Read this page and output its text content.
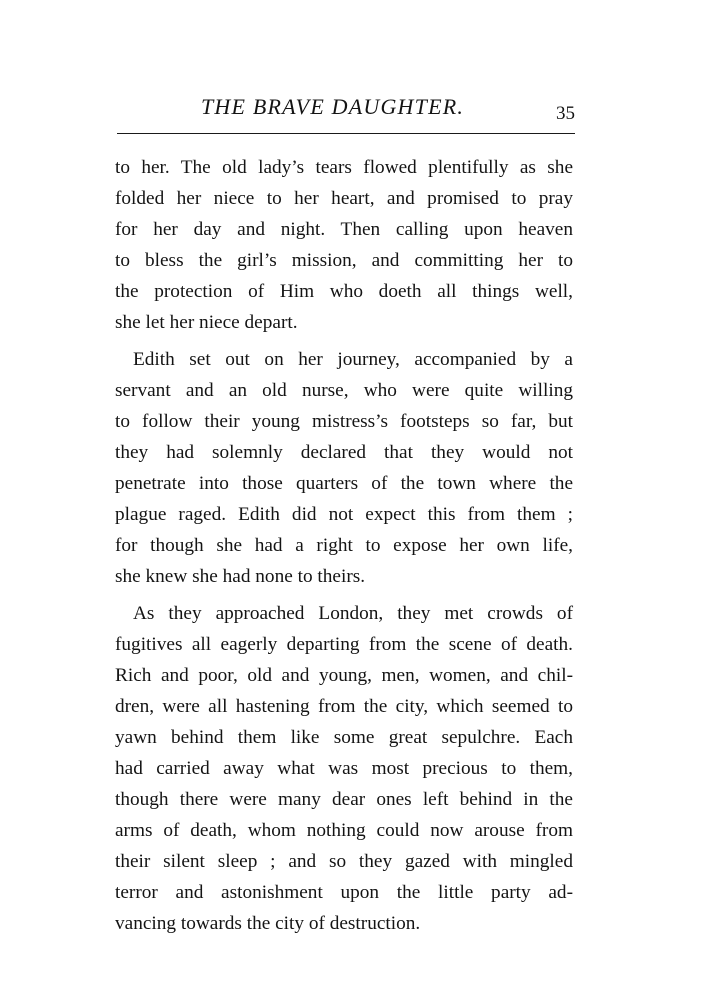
THE BRAVE DAUGHTER.	35
to her. The old lady’s tears flowed plentifully as she
folded her niece to her heart, and promised to pray
for her day and night. Then calling upon heaven
to bless the girl’s mission, and committing her to
the protection of Him who doeth all things well,
she let her niece depart.
Edith set out on her journey, accompanied by a
servant and an old nurse, who were quite willing
to follow their young mistress’s footsteps so far, but
they had solemnly declared that they would not
penetrate into those quarters of the town where the
plague raged. Edith did not expect this from them ;
for though she had a right to expose her own life,
she knew she had none to theirs.
As they approached London, they met crowds of
fugitives all eagerly departing from the scene of death.
Rich and poor, old and young, men, women, and chil-
dren, were all hastening from the city, which seemed to
yawn behind them like some great sepulchre. Each
had carried away what was most precious to them,
though there were many dear ones left behind in the
arms of death, whom nothing could now arouse from
their silent sleep ; and so they gazed with mingled
terror and astonishment upon the little party ad-
vancing towards the city of destruction.
